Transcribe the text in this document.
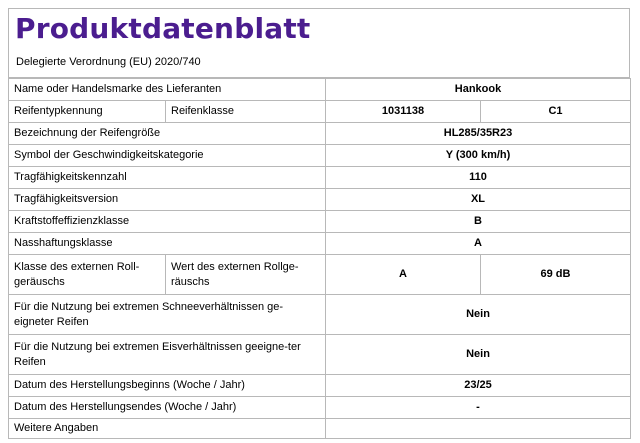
Produktdatenblatt
Delegierte Verordnung (EU) 2020/740
Name oder Handelsmarke des Lieferanten		Hankook	
Reifentypkennung	Reifenklasse	1031138	C1
Bezeichnung der Reifengröße		HL285/35R23	
Symbol der Geschwindigkeitskategorie		Y (300 km/h)	
Tragfähigkeitskennzahl		110	
Tragfähigkeitsversion		XL	
Kraftstoffeffizienzklasse		B	
Nasshaftungsklasse		A	
Klasse des externen Roll-geräuschs	Wert des externen Rollge-räuschs	A	69 dB
Für die Nutzung bei extremen Schneeverhältnissen ge-eigneter Reifen		Nein	
Für die Nutzung bei extremen Eisverhältnissen geeigne-ter Reifen		Nein	
Datum des Herstellungsbeginns (Woche / Jahr)		23/25	
Datum des Herstellungsendes (Woche / Jahr)		-	
Weitere Angaben			
